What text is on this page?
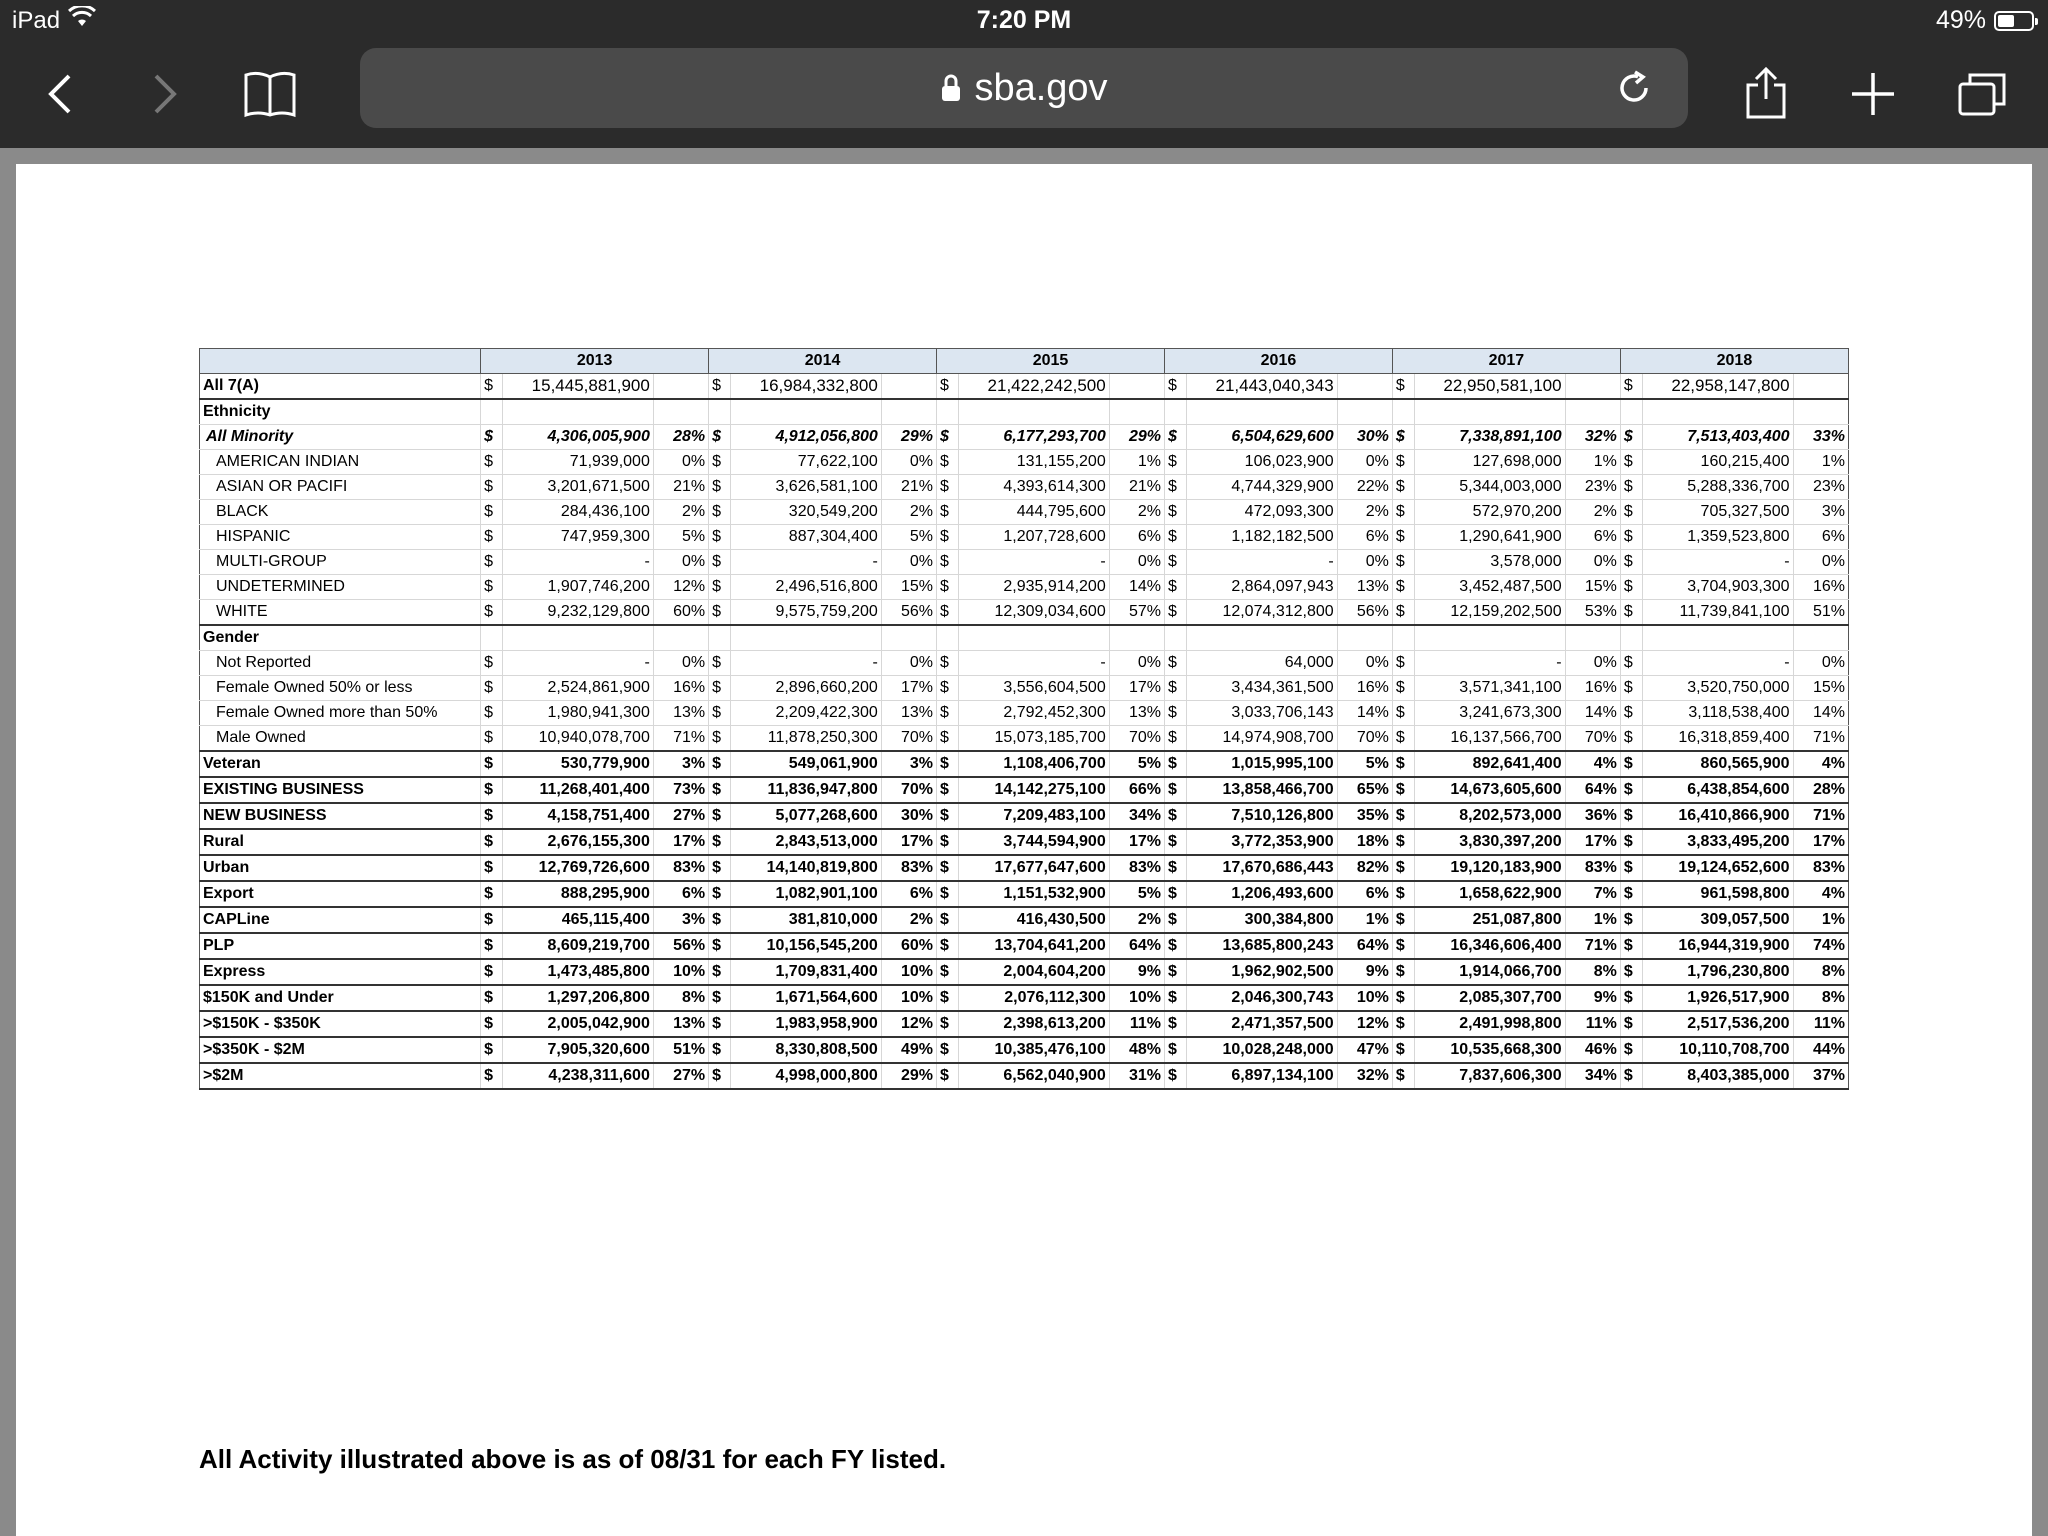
iPad	7:20 PM	49%
sba.gov
	2013			2014			2015			2016			2017			2018		
All 7(A)	$	15,445,881,900		$	16,984,332,800		$	21,422,242,500		$	21,443,040,343		$	22,950,581,100		$	22,958,147,800	
Ethnicity																		
All Minority	$	4,306,005,900	28%	$	4,912,056,800	29%	$	6,177,293,700	29%	$	6,504,629,600	30%	$	7,338,891,100	32%	$	7,513,403,400	33%
AMERICAN INDIAN	$	71,939,000	0%	$	77,622,100	0%	$	131,155,200	1%	$	106,023,900	0%	$	127,698,000	1%	$	160,215,400	1%
ASIAN OR PACIFI	$	3,201,671,500	21%	$	3,626,581,100	21%	$	4,393,614,300	21%	$	4,744,329,900	22%	$	5,344,003,000	23%	$	5,288,336,700	23%
BLACK	$	284,436,100	2%	$	320,549,200	2%	$	444,795,600	2%	$	472,093,300	2%	$	572,970,200	2%	$	705,327,500	3%
HISPANIC	$	747,959,300	5%	$	887,304,400	5%	$	1,207,728,600	6%	$	1,182,182,500	6%	$	1,290,641,900	6%	$	1,359,523,800	6%
MULTI-GROUP	$	-	0%	$	-	0%	$	-	0%	$	-	0%	$	3,578,000	0%	$	-	0%
UNDETERMINED	$	1,907,746,200	12%	$	2,496,516,800	15%	$	2,935,914,200	14%	$	2,864,097,943	13%	$	3,452,487,500	15%	$	3,704,903,300	16%
WHITE	$	9,232,129,800	60%	$	9,575,759,200	56%	$	12,309,034,600	57%	$	12,074,312,800	56%	$	12,159,202,500	53%	$	11,739,841,100	51%
Gender																		
Not Reported	$	-	0%	$	-	0%	$	-	0%	$	64,000	0%	$	-	0%	$	-	0%
Female Owned 50% or less	$	2,524,861,900	16%	$	2,896,660,200	17%	$	3,556,604,500	17%	$	3,434,361,500	16%	$	3,571,341,100	16%	$	3,520,750,000	15%
Female Owned more than 50%	$	1,980,941,300	13%	$	2,209,422,300	13%	$	2,792,452,300	13%	$	3,033,706,143	14%	$	3,241,673,300	14%	$	3,118,538,400	14%
Male Owned	$	10,940,078,700	71%	$	11,878,250,300	70%	$	15,073,185,700	70%	$	14,974,908,700	70%	$	16,137,566,700	70%	$	16,318,859,400	71%
Veteran	$	530,779,900	3%	$	549,061,900	3%	$	1,108,406,700	5%	$	1,015,995,100	5%	$	892,641,400	4%	$	860,565,900	4%
EXISTING BUSINESS	$	11,268,401,400	73%	$	11,836,947,800	70%	$	14,142,275,100	66%	$	13,858,466,700	65%	$	14,673,605,600	64%	$	6,438,854,600	28%
NEW BUSINESS	$	4,158,751,400	27%	$	5,077,268,600	30%	$	7,209,483,100	34%	$	7,510,126,800	35%	$	8,202,573,000	36%	$	16,410,866,900	71%
Rural	$	2,676,155,300	17%	$	2,843,513,000	17%	$	3,744,594,900	17%	$	3,772,353,900	18%	$	3,830,397,200	17%	$	3,833,495,200	17%
Urban	$	12,769,726,600	83%	$	14,140,819,800	83%	$	17,677,647,600	83%	$	17,670,686,443	82%	$	19,120,183,900	83%	$	19,124,652,600	83%
Export	$	888,295,900	6%	$	1,082,901,100	6%	$	1,151,532,900	5%	$	1,206,493,600	6%	$	1,658,622,900	7%	$	961,598,800	4%
CAPLine	$	465,115,400	3%	$	381,810,000	2%	$	416,430,500	2%	$	300,384,800	1%	$	251,087,800	1%	$	309,057,500	1%
PLP	$	8,609,219,700	56%	$	10,156,545,200	60%	$	13,704,641,200	64%	$	13,685,800,243	64%	$	16,346,606,400	71%	$	16,944,319,900	74%
Express	$	1,473,485,800	10%	$	1,709,831,400	10%	$	2,004,604,200	9%	$	1,962,902,500	9%	$	1,914,066,700	8%	$	1,796,230,800	8%
$150K and Under	$	1,297,206,800	8%	$	1,671,564,600	10%	$	2,076,112,300	10%	$	2,046,300,743	10%	$	2,085,307,700	9%	$	1,926,517,900	8%
>$150K - $350K	$	2,005,042,900	13%	$	1,983,958,900	12%	$	2,398,613,200	11%	$	2,471,357,500	12%	$	2,491,998,800	11%	$	2,517,536,200	11%
>$350K - $2M	$	7,905,320,600	51%	$	8,330,808,500	49%	$	10,385,476,100	48%	$	10,028,248,000	47%	$	10,535,668,300	46%	$	10,110,708,700	44%
>$2M	$	4,238,311,600	27%	$	4,998,000,800	29%	$	6,562,040,900	31%	$	6,897,134,100	32%	$	7,837,606,300	34%	$	8,403,385,000	37%
All Activity illustrated above is as of 08/31 for each FY listed.
